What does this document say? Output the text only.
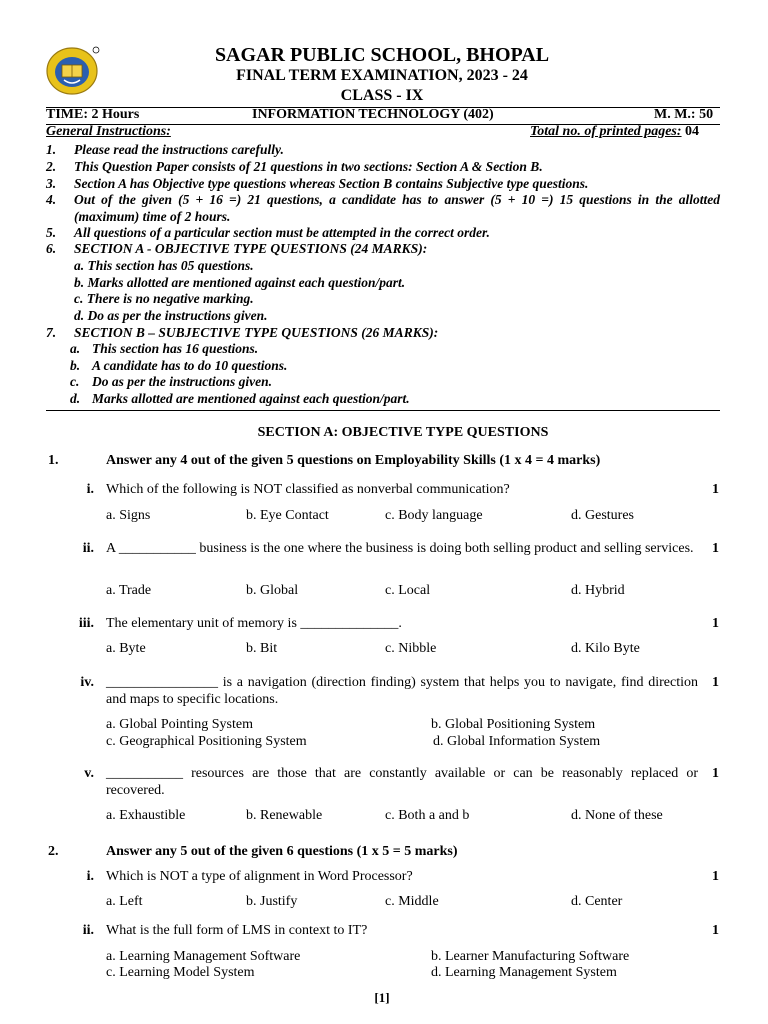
SAGAR PUBLIC SCHOOL, BHOPAL
FINAL TERM EXAMINATION, 2023 - 24
CLASS - IX
TIME: 2 Hours	INFORMATION TECHNOLOGY (402)	M. M.: 50
General Instructions:	Total no. of printed pages: 04
1. Please read the instructions carefully.
2. This Question Paper consists of 21 questions in two sections: Section A & Section B.
3. Section A has Objective type questions whereas Section B contains Subjective type questions.
4. Out of the given (5 + 16 =) 21 questions, a candidate has to answer (5 + 10 =) 15 questions in the allotted (maximum) time of 2 hours.
5. All questions of a particular section must be attempted in the correct order.
6. SECTION A - OBJECTIVE TYPE QUESTIONS (24 MARKS):
a. This section has 05 questions.
b. Marks allotted are mentioned against each question/part.
c. There is no negative marking.
d. Do as per the instructions given.
7. SECTION B – SUBJECTIVE TYPE QUESTIONS (26 MARKS):
a. This section has 16 questions.
b. A candidate has to do 10 questions.
c. Do as per the instructions given.
d. Marks allotted are mentioned against each question/part.
SECTION A: OBJECTIVE TYPE QUESTIONS
1.	Answer any 4 out of the given 5 questions on Employability Skills (1 x 4 = 4 marks)
i. Which of the following is NOT classified as nonverbal communication?	1
a. Signs	b. Eye Contact	c. Body language	d. Gestures
ii. A ___________ business is the one where the business is doing both selling product and selling services.	1
a. Trade	b. Global	c. Local	d. Hybrid
iii. The elementary unit of memory is ______________.	1
a. Byte	b. Bit	c. Nibble	d. Kilo Byte
iv. ________________ is a navigation (direction finding) system that helps you to navigate, find direction and maps to specific locations.
1
a. Global Pointing System	b. Global Positioning System
c. Geographical Positioning System	d. Global Information System
v. ___________ resources are those that are constantly available or can be reasonably replaced or recovered.
1
a. Exhaustible	b. Renewable	c. Both a and b	d. None of these
2.	Answer any 5 out of the given 6 questions (1 x 5 = 5 marks)
i. Which is NOT a type of alignment in Word Processor?	1
a. Left	b. Justify	c. Middle	d. Center
ii. What is the full form of LMS in context to IT?	1
a. Learning Management Software	b. Learner Manufacturing Software
c. Learning Model System	d. Learning Management System
[1]
